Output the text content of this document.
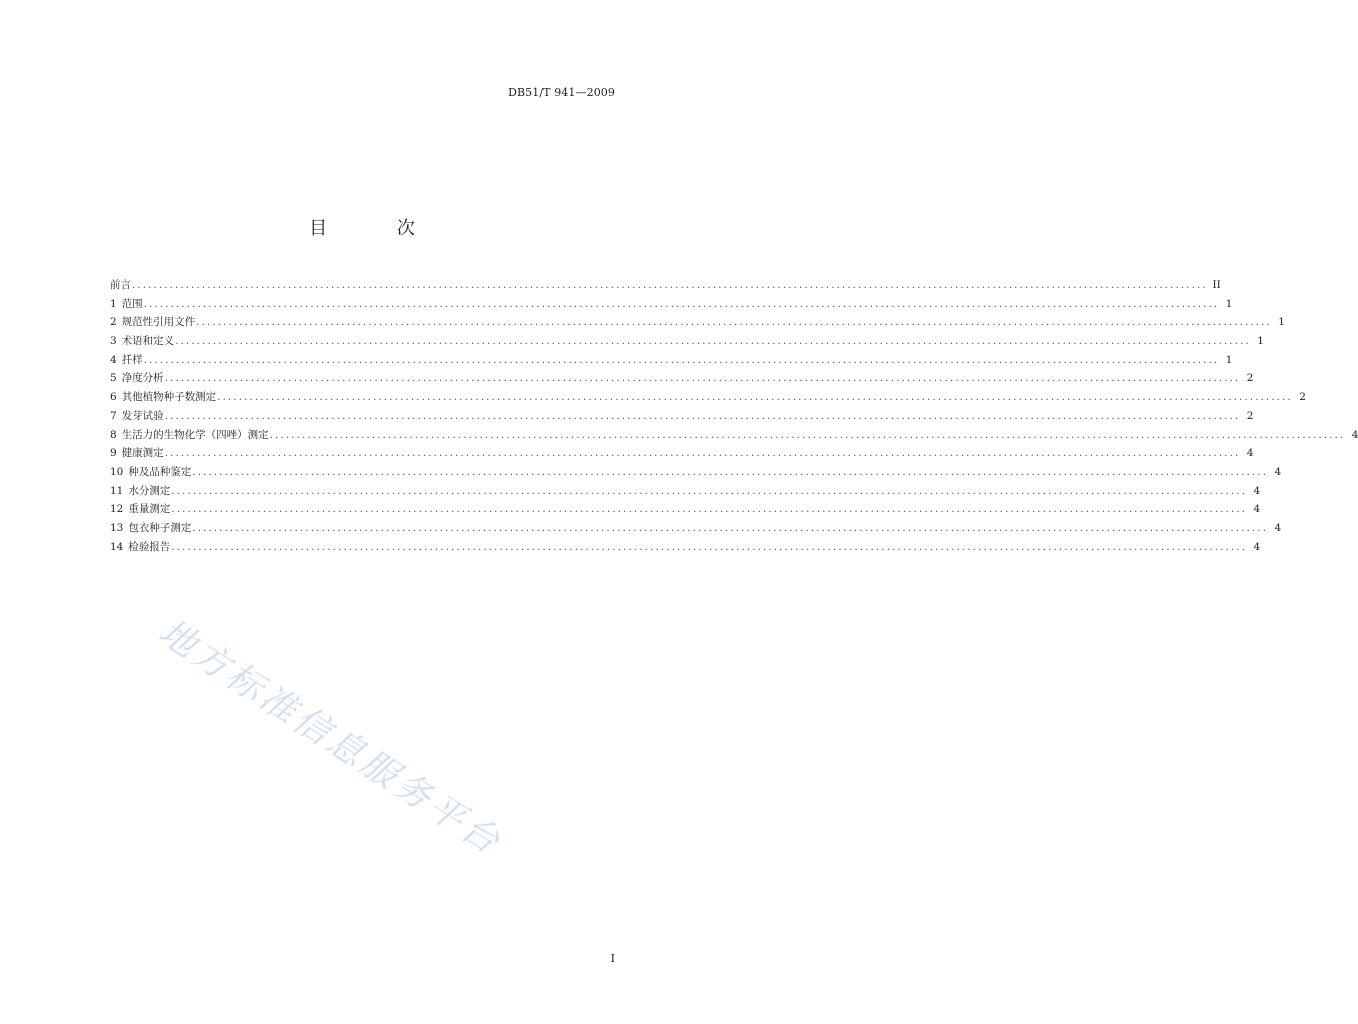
DB51/T 941—2009
目 次
前言 ........................................................................................................................................................................................................ II
1 范围 ........................................................................................................................................................................................................ 1
2 规范性引用文件 ........................................................................................................................................................................................................ 1
3 术语和定义 ........................................................................................................................................................................................................ 1
4 扦样 ........................................................................................................................................................................................................ 1
5 净度分析 ........................................................................................................................................................................................................ 2
6 其他植物种子数测定 ........................................................................................................................................................................................................ 2
7 发芽试验 ........................................................................................................................................................................................................ 2
8 生活力的生物化学（四唑）测定 ........................................................................................................................................................................................................ 4
9 健康测定 ........................................................................................................................................................................................................ 4
10 种及品种鉴定 ........................................................................................................................................................................................................ 4
11 水分测定 ........................................................................................................................................................................................................ 4
12 重量测定 ........................................................................................................................................................................................................ 4
13 包衣种子测定 ........................................................................................................................................................................................................ 4
14 检验报告 ........................................................................................................................................................................................................ 4
地方标准信息服务平台
I
